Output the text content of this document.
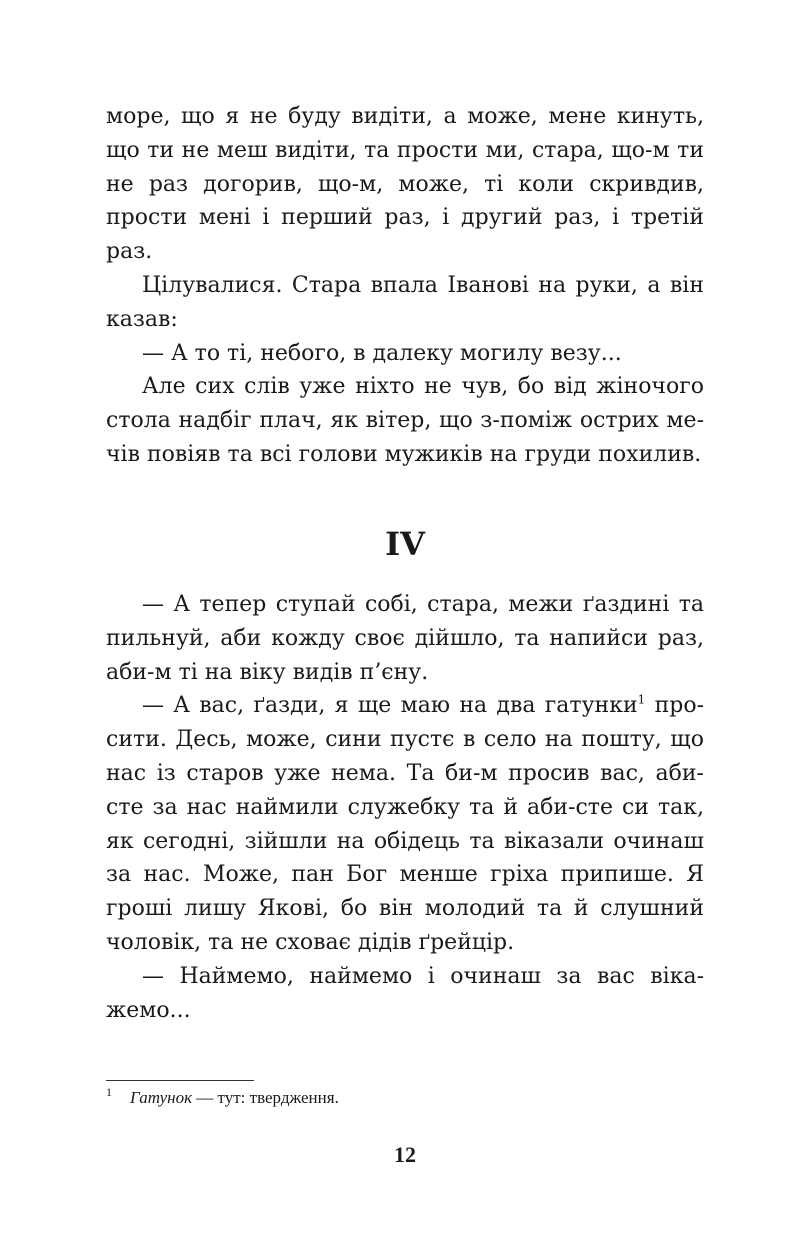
море, що я не буду видіти, а може, мене кинуть, що ти не меш видіти, та прости ми, стара, що-м ти не раз догорив, що-м, може, ті коли скривдив, прости мені і перший раз, і другий раз, і третій раз.

Цілувалися. Стара впала Іванові на руки, а він казав:

— А то ті, небого, в далеку могилу везу...

Але сих слів уже ніхто не чув, бо від жіночого стола надбіг плач, як вітер, що з-поміж острих мечів повіяв та всі голови мужиків на груди похилив.

IV

— А тепер ступай собі, стара, межи ґаздині та пильнуй, аби кожду своє дійшло, та напийси раз, аби-м ті на віку видів п’єну.

— А вас, ґазди, я ще маю на два гатунки$^1$ просити. Десь, може, сини пустє в село на пошту, що нас із старов уже нема. Та би-м просив вас, аби-сте за нас наймили служебку та й аби-сте си так, як сегодні, зійшли на обідець та віказали очинаш за нас. Може, пан Бог менше гріха припише. Я гроші лишу Якові, бо він молодий та й слушний чоловік, та не сховає дідів ґрейцір.

— Наймемо, наймемо і очинаш за вас вікажемо...

1 Гатунок — тут: твердження.
12
